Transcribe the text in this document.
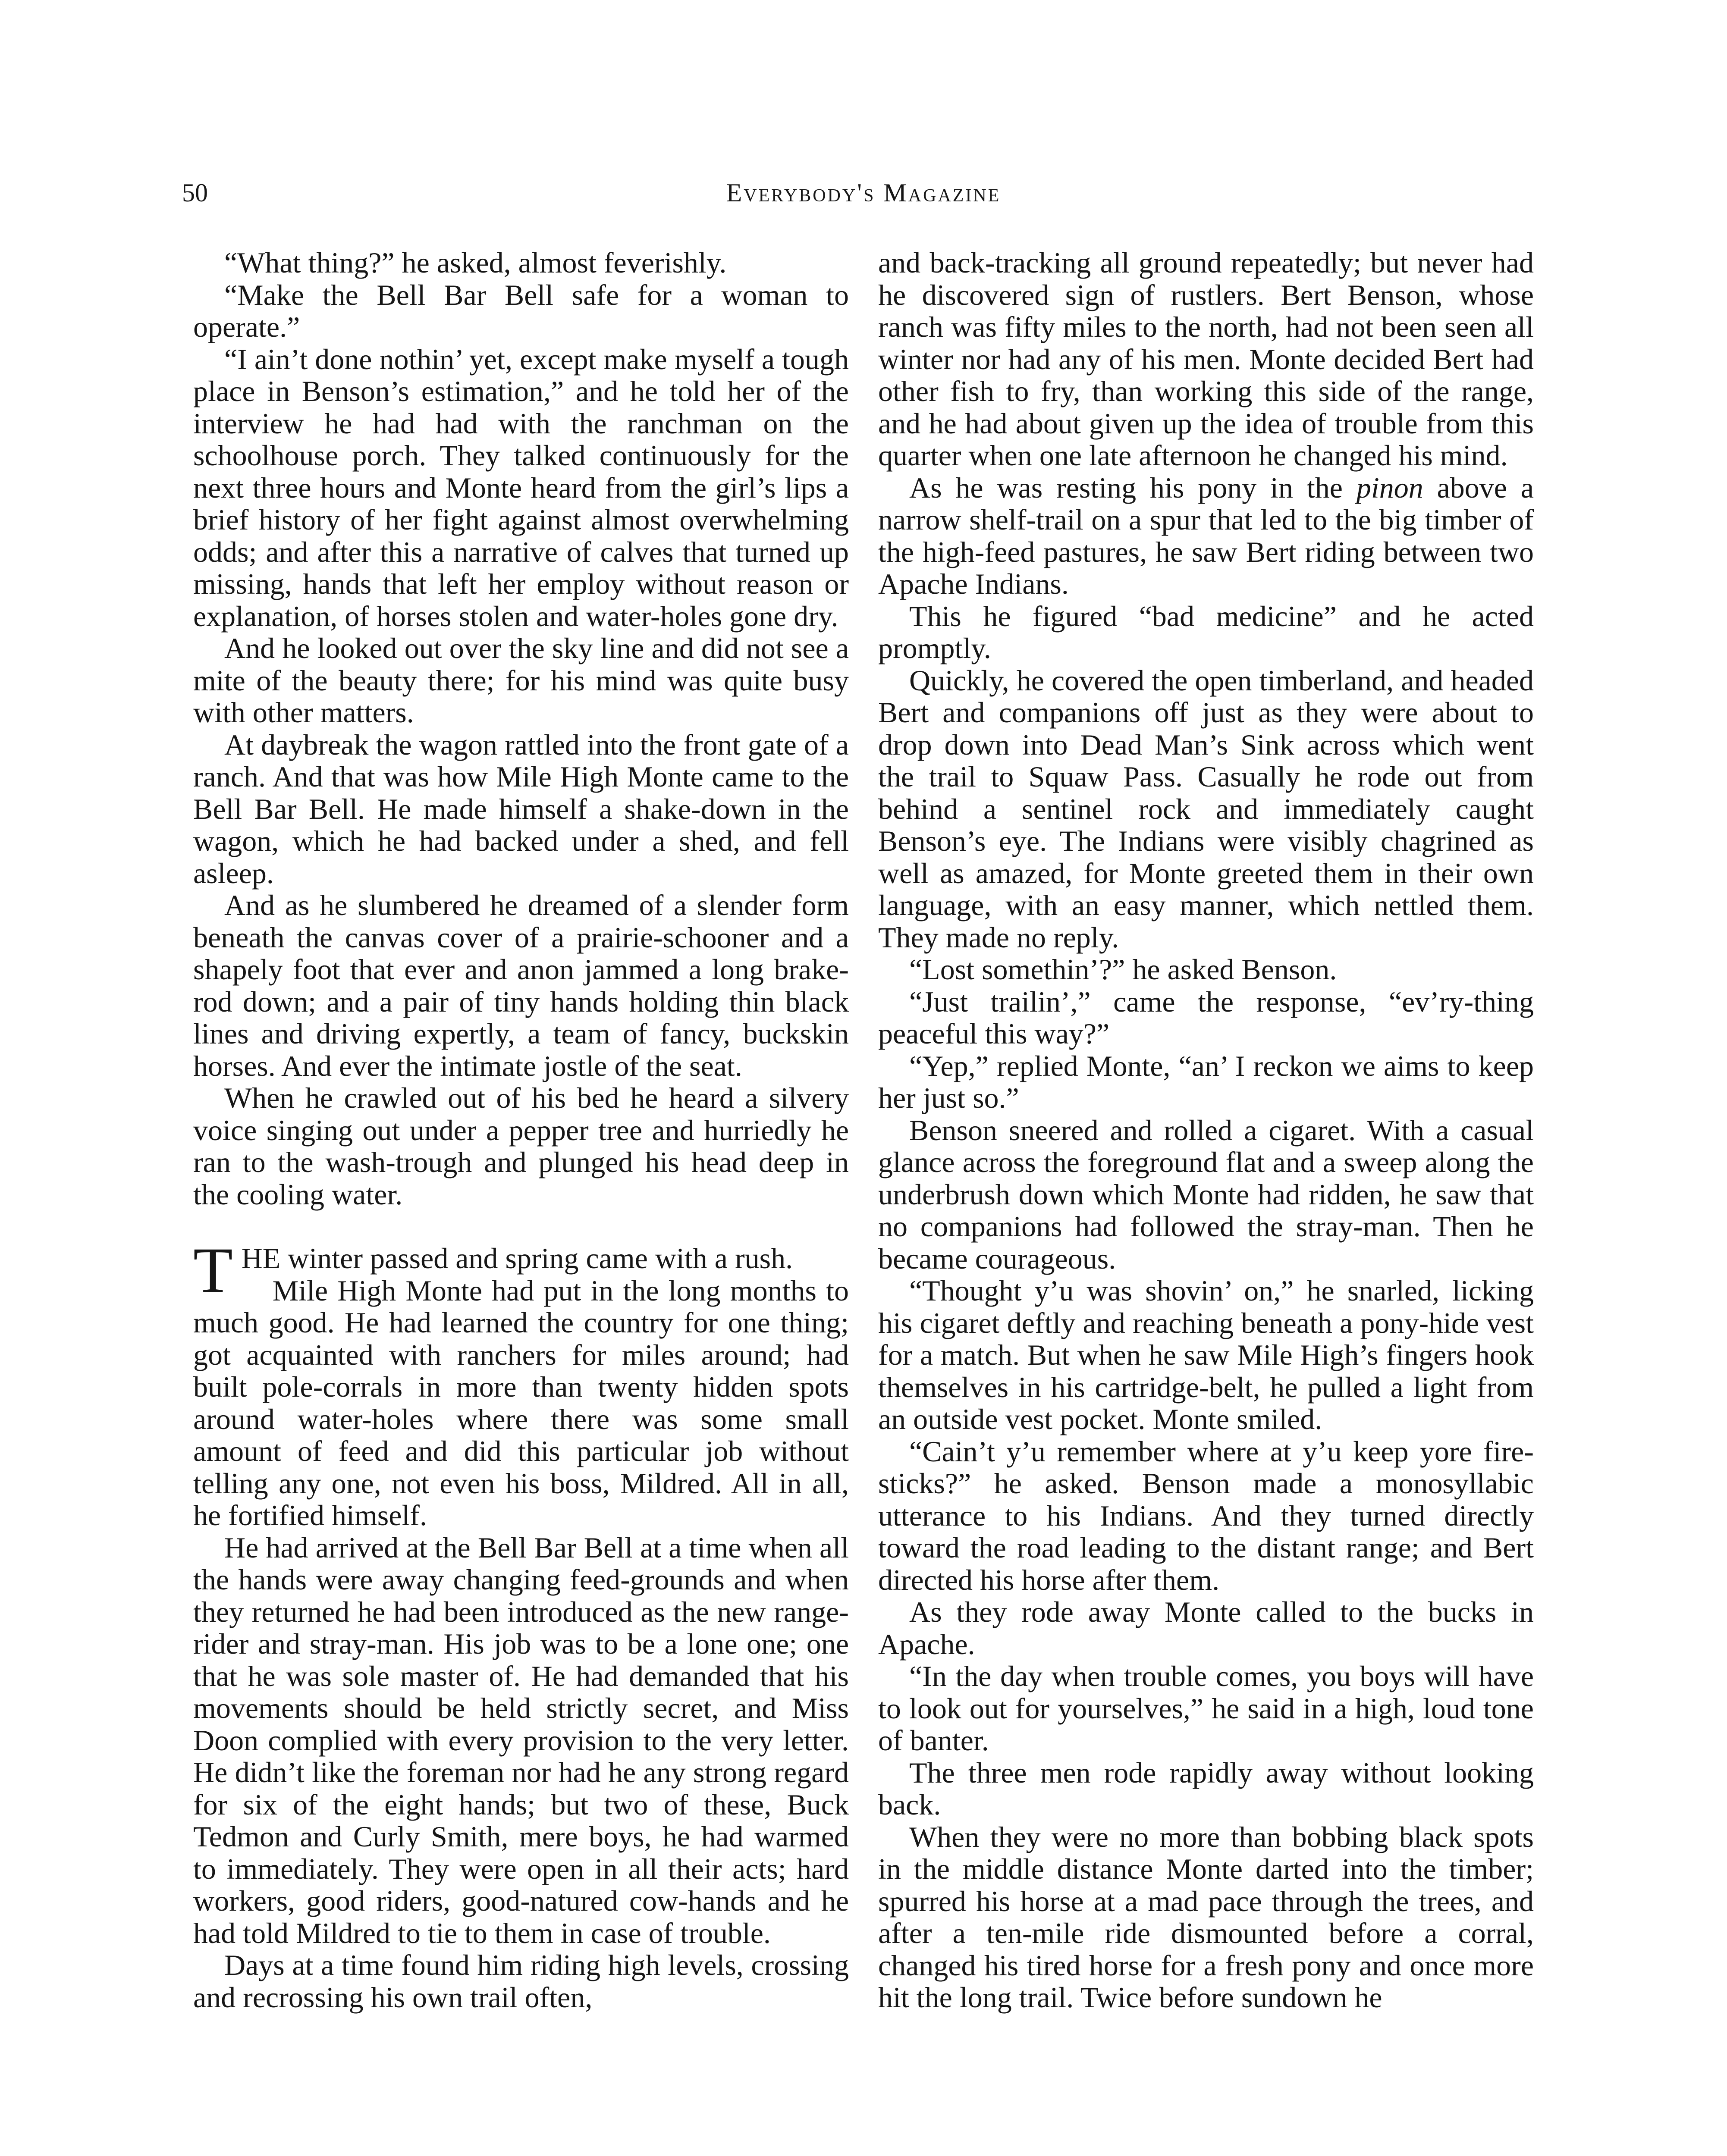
50	Everybody's Magazine

“What thing?” he asked, almost feverishly.

“Make the Bell Bar Bell safe for a woman to operate.”

“I ain’t done nothin’ yet, except make myself a tough place in Benson’s estimation,” and he told her of the interview he had had with the ranchman on the schoolhouse porch. They talked continuously for the next three hours and Monte heard from the girl’s lips a brief history of her fight against almost overwhelming odds; and after this a narrative of calves that turned up missing, hands that left her employ without reason or explanation, of horses stolen and water-holes gone dry.

And he looked out over the sky line and did not see a mite of the beauty there; for his mind was quite busy with other matters.

At daybreak the wagon rattled into the front gate of a ranch. And that was how Mile High Monte came to the Bell Bar Bell. He made himself a shake-down in the wagon, which he had backed under a shed, and fell asleep.

And as he slumbered he dreamed of a slender form beneath the canvas cover of a prairie-schooner and a shapely foot that ever and anon jammed a long brake-rod down; and a pair of tiny hands holding thin black lines and driving expertly, a team of fancy, buckskin horses. And ever the intimate jostle of the seat.

When he crawled out of his bed he heard a silvery voice singing out under a pepper tree and hurriedly he ran to the wash-trough and plunged his head deep in the cooling water.

THE winter passed and spring came with a rush.

Mile High Monte had put in the long months to much good. He had learned the country for one thing; got acquainted with ranchers for miles around; had built pole-corrals in more than twenty hidden spots around water-holes where there was some small amount of feed and did this particular job without telling any one, not even his boss, Mildred. All in all, he fortified himself.

He had arrived at the Bell Bar Bell at a time when all the hands were away changing feed-grounds and when they returned he had been introduced as the new range-rider and stray-man. His job was to be a lone one; one that he was sole master of. He had demanded that his movements should be held strictly secret, and Miss Doon complied with every provision to the very letter. He didn’t like the foreman nor had he any strong regard for six of the eight hands; but two of these, Buck Tedmon and Curly Smith, mere boys, he had warmed to immediately. They were open in all their acts; hard workers, good riders, good-natured cow-hands and he had told Mildred to tie to them in case of trouble.

Days at a time found him riding high levels, crossing and recrossing his own trail often,

and back-tracking all ground repeatedly; but never had he discovered sign of rustlers. Bert Benson, whose ranch was fifty miles to the north, had not been seen all winter nor had any of his men. Monte decided Bert had other fish to fry, than working this side of the range, and he had about given up the idea of trouble from this quarter when one late afternoon he changed his mind.

As he was resting his pony in the pinon above a narrow shelf-trail on a spur that led to the big timber of the high-feed pastures, he saw Bert riding between two Apache Indians.

This he figured “bad medicine” and he acted promptly.

Quickly, he covered the open timberland, and headed Bert and companions off just as they were about to drop down into Dead Man’s Sink across which went the trail to Squaw Pass. Casually he rode out from behind a sentinel rock and immediately caught Benson’s eye. The Indians were visibly chagrined as well as amazed, for Monte greeted them in their own language, with an easy manner, which nettled them. They made no reply.

“Lost somethin’?” he asked Benson.

“Just trailin’,” came the response, “ev’ry-thing peaceful this way?”

“Yep,” replied Monte, “an’ I reckon we aims to keep her just so.”

Benson sneered and rolled a cigaret. With a casual glance across the foreground flat and a sweep along the underbrush down which Monte had ridden, he saw that no companions had followed the stray-man. Then he became courageous.

“Thought y’u was shovin’ on,” he snarled, licking his cigaret deftly and reaching beneath a pony-hide vest for a match. But when he saw Mile High’s fingers hook themselves in his cartridge-belt, he pulled a light from an outside vest pocket. Monte smiled.

“Cain’t y’u remember where at y’u keep yore fire-sticks?” he asked. Benson made a monosyllabic utterance to his Indians. And they turned directly toward the road leading to the distant range; and Bert directed his horse after them.

As they rode away Monte called to the bucks in Apache.

“In the day when trouble comes, you boys will have to look out for yourselves,” he said in a high, loud tone of banter.

The three men rode rapidly away without looking back.

When they were no more than bobbing black spots in the middle distance Monte darted into the timber; spurred his horse at a mad pace through the trees, and after a ten-mile ride dismounted before a corral, changed his tired horse for a fresh pony and once more hit the long trail. Twice before sundown he
